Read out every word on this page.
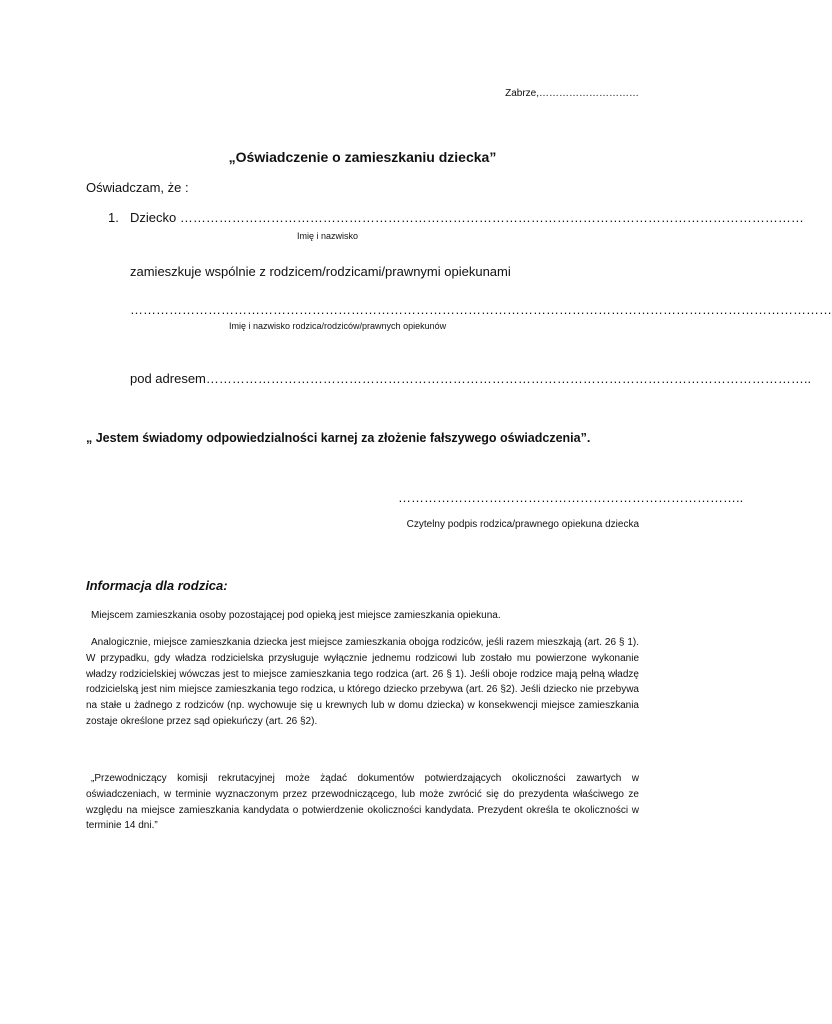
Zabrze,…………………………
„Oświadczenie o zamieszkaniu dziecka”
Oświadczam, że :
1. Dziecko ………………………………………………………………………………………………………………………………
Imię i nazwisko
zamieszkuje wspólnie z rodzicem/rodzicami/prawnymi opiekunami
………………………………………………………………………………………………………………………………………………
Imię i nazwisko rodzica/rodziców/prawnych opiekunów
pod adresem…………………………………………………………………………………………………………………………..
„ Jestem świadomy odpowiedzialności karnej za złożenie fałszywego oświadczenia”.
……………………………………………………………………..
Czytelny podpis rodzica/prawnego opiekuna dziecka
Informacja dla rodzica:
Miejscem zamieszkania osoby pozostającej pod opieką jest miejsce zamieszkania opiekuna.
Analogicznie, miejsce zamieszkania dziecka jest miejsce zamieszkania obojga rodziców, jeśli razem mieszkają (art. 26 § 1). W przypadku, gdy władza rodzicielska przysługuje wyłącznie jednemu rodzicowi lub zostało mu powierzone wykonanie władzy rodzicielskiej wówczas jest to miejsce zamieszkania tego rodzica (art. 26 § 1). Jeśli oboje rodzice mają pełną władzę rodzicielską jest nim miejsce zamieszkania tego rodzica, u którego dziecko przebywa (art. 26 §2). Jeśli dziecko nie przebywa na stałe u żadnego z rodziców (np. wychowuje się u krewnych lub w domu dziecka) w konsekwencji miejsce zamieszkania zostaje określone przez sąd opiekuńczy (art. 26 §2).
„Przewodniczący komisji rekrutacyjnej może żądać dokumentów potwierdzających okoliczności zawartych w oświadczeniach, w terminie wyznaczonym przez przewodniczącego, lub może zwrócić się do prezydenta właściwego ze względu na miejsce zamieszkania kandydata o potwierdzenie okoliczności kandydata. Prezydent określa te okoliczności w terminie 14 dni.”
